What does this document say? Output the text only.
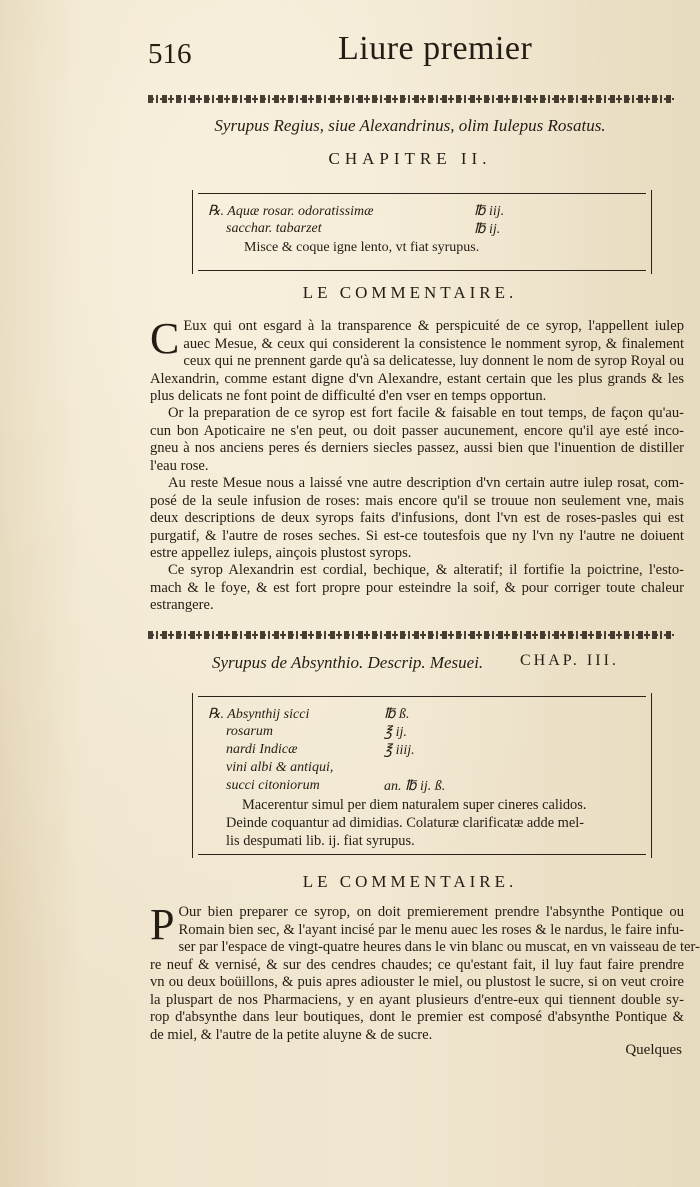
516	Liure premier
Syrupus Regius, siue Alexandrinus, olim Iulepus Rosatus.
CHAPITRE II.
℞. Aquæ rosar. odoratissimæ	℔ iij.
sacchar. tabarzet	℔ ij.
Misce & coque igne lento, vt fiat syrupus.
LE COMMENTAIRE.
C Eux qui ont esgard à la transparence & perspicuité de ce syrop, l'appellent iulep
auec Mesue, & ceux qui considerent la consistence le nomment syrop, & finalement
ceux qui ne prennent garde qu'à sa delicatesse, luy donnent le nom de syrop Royal ou
Alexandrin, comme estant digne d'vn Alexandre, estant certain que les plus grands & les
plus delicats ne font point de difficulté d'en vser en temps opportun.
Or la preparation de ce syrop est fort facile & faisable en tout temps, de façon qu'au-
cun bon Apoticaire ne s'en peut, ou doit passer aucunement, encore qu'il aye esté inco-
gneu à nos anciens peres és derniers siecles passez, aussi bien que l'inuention de distiller
l'eau rose.
Au reste Mesue nous a laissé vne autre description d'vn certain autre iulep rosat, com-
posé de la seule infusion de roses: mais encore qu'il se trouue non seulement vne, mais
deux descriptions de deux syrops faits d'infusions, dont l'vn est de roses-pasles qui est
purgatif, & l'autre de roses seches. Si est-ce toutesfois que ny l'vn ny l'autre ne doiuent
estre appellez iuleps, ainçois plustost syrops.
Ce syrop Alexandrin est cordial, bechique, & alteratif; il fortifie la poictrine, l'esto-
mach & le foye, & est fort propre pour esteindre la soif, & pour corriger toute chaleur
estrangere.
Syrupus de Absynthio. Descrip. Mesuei.	CHAP. III.
℞. Absynthij sicci	℔ ß.
rosarum	℥ ij.
nardi Indicæ	℥ iiij.
vini albi & antiqui,
succi citoniorum	an. ℔ ij. ß.
Macerentur simul per diem naturalem super cineres calidos.
Deinde coquantur ad dimidias. Colaturæ clarificatæ adde mel-
lis despumati lib. ij. fiat syrupus.
LE COMMENTAIRE.
P Our bien preparer ce syrop, on doit premierement prendre l'absynthe Pontique ou
Romain bien sec, & l'ayant incisé par le menu auec les roses & le nardus, le faire infu-
ser par l'espace de vingt-quatre heures dans le vin blanc ou muscat, en vn vaisseau de ter-
re neuf & vernisé, & sur des cendres chaudes; ce qu'estant fait, il luy faut faire prendre
vn ou deux boüillons, & puis apres adiouster le miel, ou plustost le sucre, si on veut croire
la pluspart de nos Pharmaciens, y en ayant plusieurs d'entre-eux qui tiennent double sy-
rop d'absynthe dans leur boutiques, dont le premier est composé d'absynthe Pontique &
de miel, & l'autre de la petite aluyne & de sucre.
Quelques
